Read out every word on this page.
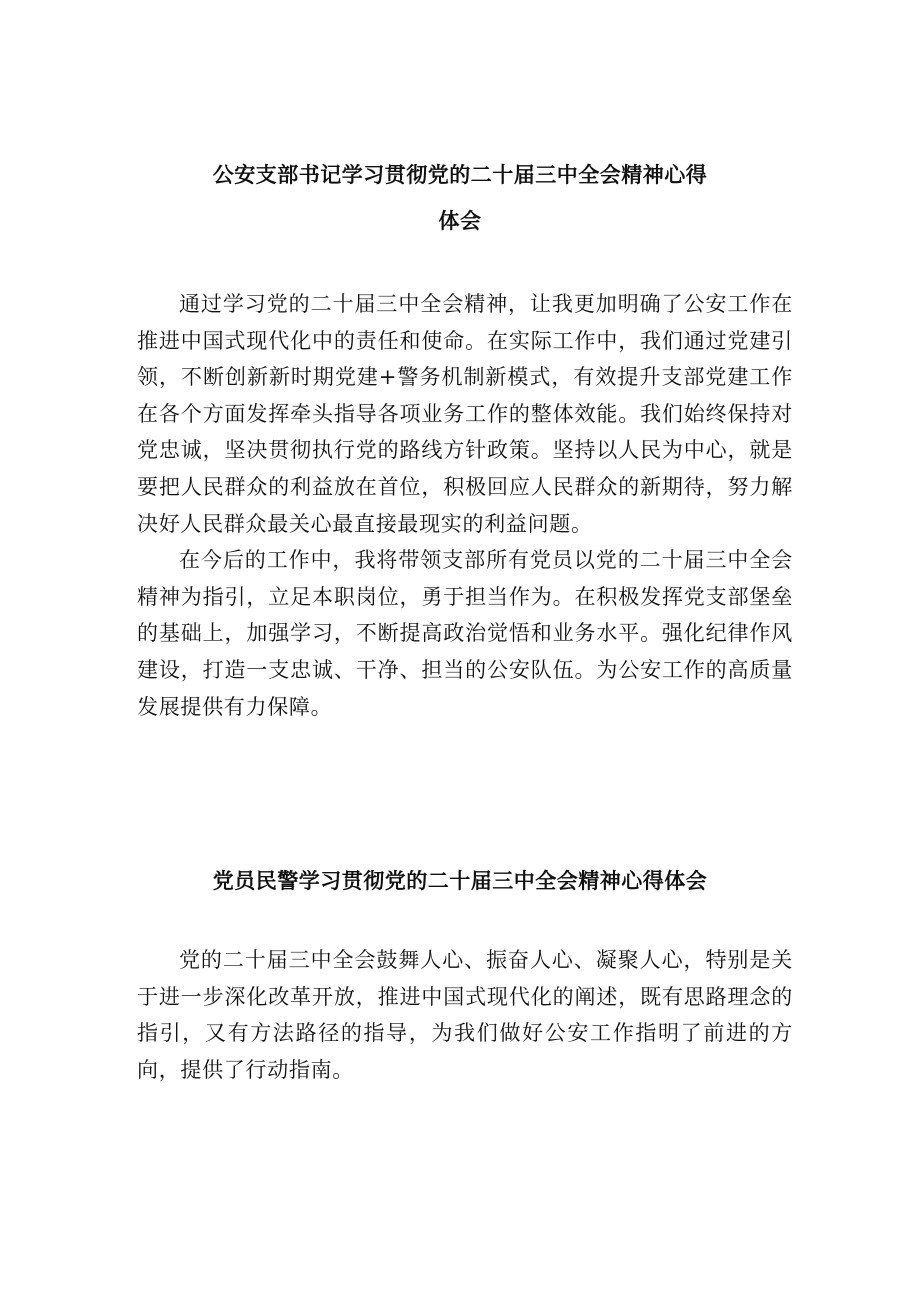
公安支部书记学习贯彻党的二十届三中全会精神心得
体会

通过学习党的二十届三中全会精神，让我更加明确了公安工作在推进中国式现代化中的责任和使命。在实际工作中，我们通过党建引领，不断创新新时期党建+警务机制新模式，有效提升支部党建工作在各个方面发挥牵头指导各项业务工作的整体效能。我们始终保持对党忠诚，坚决贯彻执行党的路线方针政策。坚持以人民为中心，就是要把人民群众的利益放在首位，积极回应人民群众的新期待，努力解决好人民群众最关心最直接最现实的利益问题。

在今后的工作中，我将带领支部所有党员以党的二十届三中全会精神为指引，立足本职岗位，勇于担当作为。在积极发挥党支部堡垒的基础上，加强学习，不断提高政治觉悟和业务水平。强化纪律作风建设，打造一支忠诚、干净、担当的公安队伍。为公安工作的高质量发展提供有力保障。

党员民警学习贯彻党的二十届三中全会精神心得体会

党的二十届三中全会鼓舞人心、振奋人心、凝聚人心，特别是关于进一步深化改革开放，推进中国式现代化的阐述，既有思路理念的指引，又有方法路径的指导，为我们做好公安工作指明了前进的方向，提供了行动指南。
